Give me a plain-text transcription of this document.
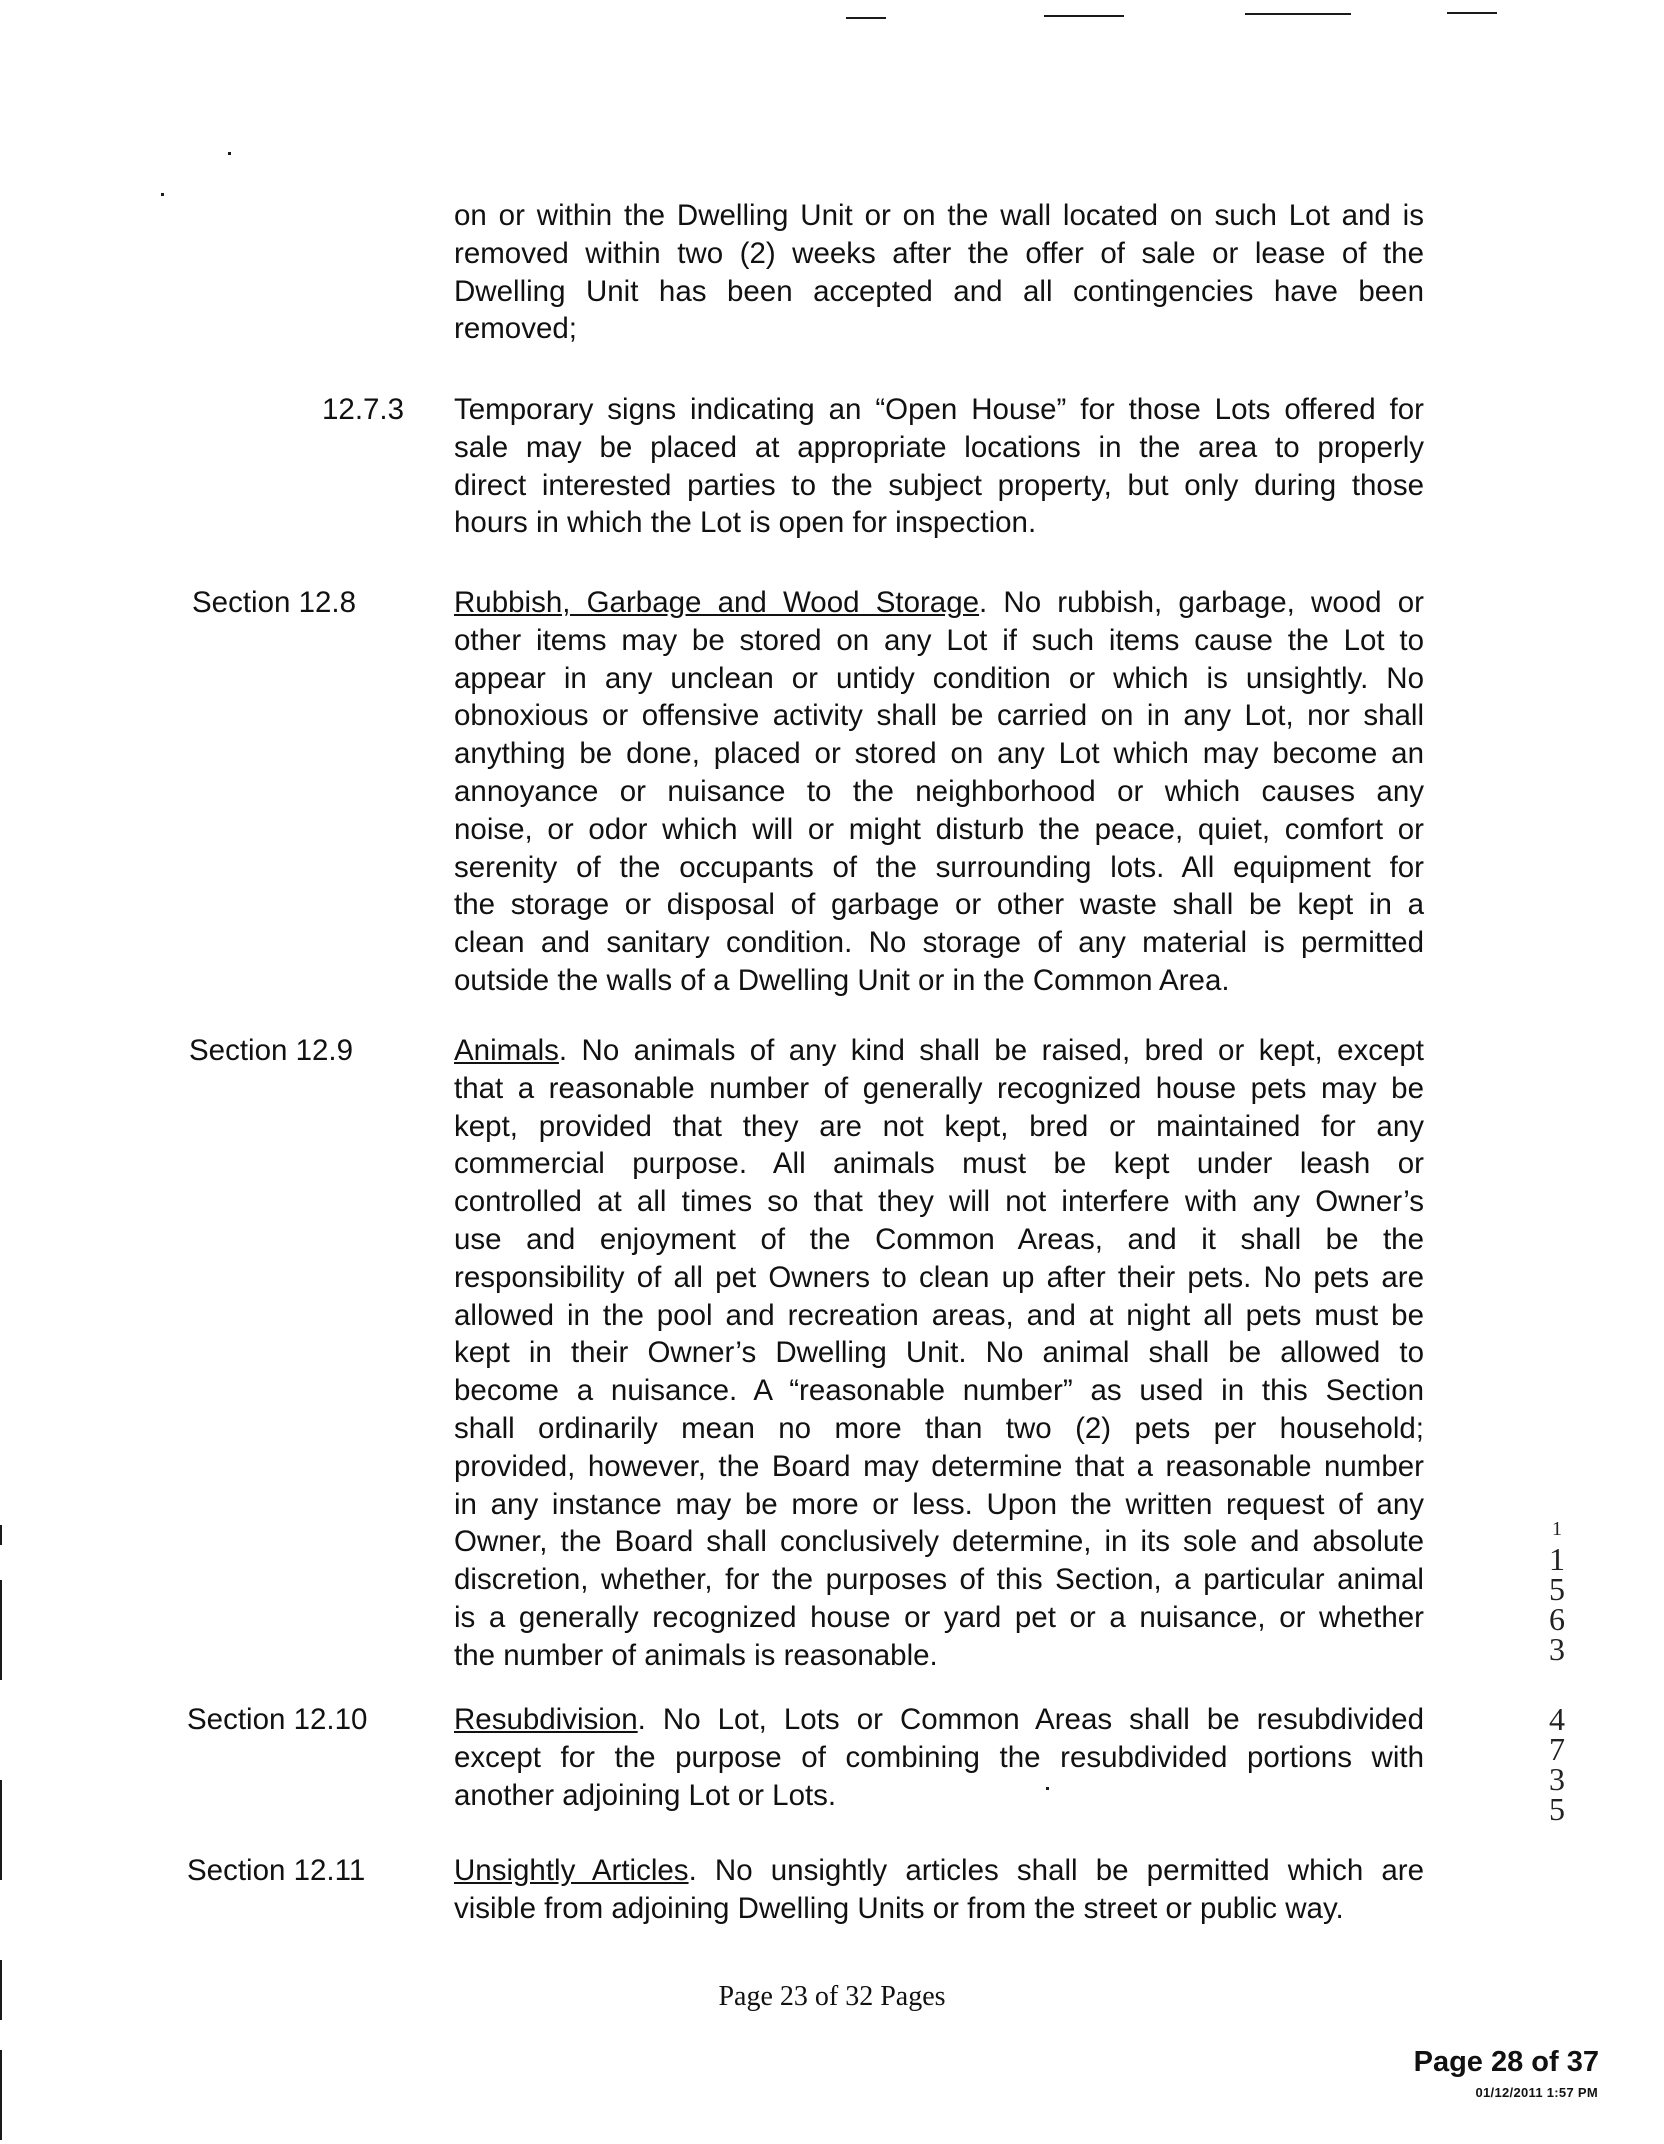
on or within the Dwelling Unit or on the wall located on such Lot and is
removed within two (2) weeks after the offer of sale or lease of the
Dwelling Unit has been accepted and all contingencies have been
removed;
12.7.3 Temporary signs indicating an “Open House” for those Lots offered for
sale may be placed at appropriate locations in the area to properly
direct interested parties to the subject property, but only during those
hours in which the Lot is open for inspection.
Section 12.8	Rubbish, Garbage and Wood Storage. No rubbish, garbage, wood or
other items may be stored on any Lot if such items cause the Lot to
appear in any unclean or untidy condition or which is unsightly. No
obnoxious or offensive activity shall be carried on in any Lot, nor shall
anything be done, placed or stored on any Lot which may become an
annoyance or nuisance to the neighborhood or which causes any
noise, or odor which will or might disturb the peace, quiet, comfort or
serenity of the occupants of the surrounding lots. All equipment for
the storage or disposal of garbage or other waste shall be kept in a
clean and sanitary condition. No storage of any material is permitted
outside the walls of a Dwelling Unit or in the Common Area.
Section 12.9	Animals. No animals of any kind shall be raised, bred or kept, except
that a reasonable number of generally recognized house pets may be
kept, provided that they are not kept, bred or maintained for any
commercial purpose. All animals must be kept under leash or
controlled at all times so that they will not interfere with any Owner’s
use and enjoyment of the Common Areas, and it shall be the
responsibility of all pet Owners to clean up after their pets. No pets are
allowed in the pool and recreation areas, and at night all pets must be
kept in their Owner’s Dwelling Unit. No animal shall be allowed to
become a nuisance. A “reasonable number” as used in this Section
shall ordinarily mean no more than two (2) pets per household;
provided, however, the Board may determine that a reasonable number
in any instance may be more or less. Upon the written request of any
Owner, the Board shall conclusively determine, in its sole and absolute
discretion, whether, for the purposes of this Section, a particular animal
is a generally recognized house or yard pet or a nuisance, or whether
the number of animals is reasonable.
Section 12.10	Resubdivision. No Lot, Lots or Common Areas shall be resubdivided
except for the purpose of combining the resubdivided portions with
another adjoining Lot or Lots.
Section 12.11	Unsightly Articles. No unsightly articles shall be permitted which are
visible from adjoining Dwelling Units or from the street or public way.
1
1
5
6
3
4
7
3
5
Page 23 of 32 Pages
Page 28 of 37
01/12/2011 1:57 PM
